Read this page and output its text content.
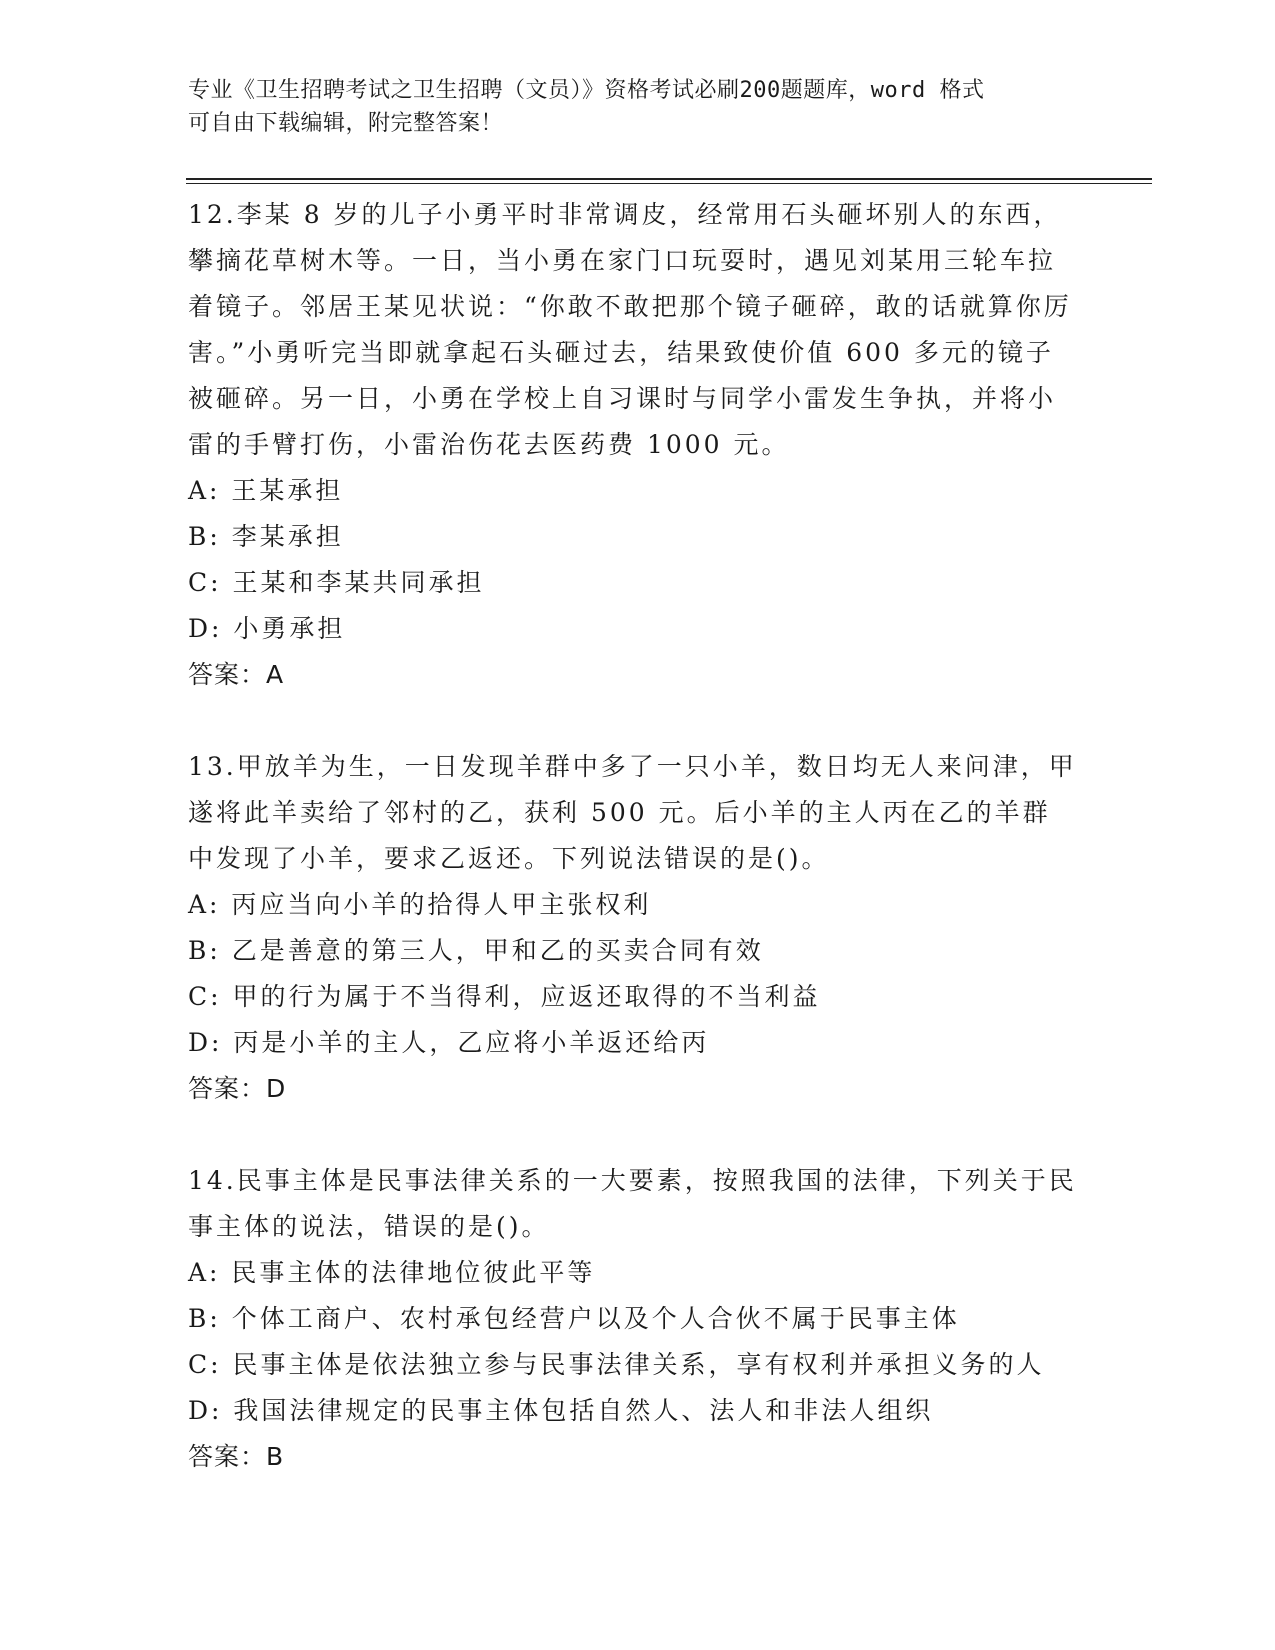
专业《卫生招聘考试之卫生招聘（文员）》资格考试必刷200题题库，word 格式
可自由下载编辑，附完整答案！

12.李某 8 岁的儿子小勇平时非常调皮，经常用石头砸坏别人的东西，攀摘花草树木等。一日，当小勇在家门口玩耍时，遇见刘某用三轮车拉着镜子。邻居王某见状说：“你敢不敢把那个镜子砸碎，敢的话就算你厉害。”小勇听完当即就拿起石头砸过去，结果致使价值 600 多元的镜子被砸碎。另一日，小勇在学校上自习课时与同学小雷发生争执，并将小雷的手臂打伤，小雷治伤花去医药费 1000 元。

A: 王某承担

B: 李某承担

C: 王某和李某共同承担

D: 小勇承担

答案：A

13.甲放羊为生，一日发现羊群中多了一只小羊，数日均无人来问津，甲遂将此羊卖给了邻村的乙，获利 500 元。后小羊的主人丙在乙的羊群中发现了小羊，要求乙返还。下列说法错误的是()。

A: 丙应当向小羊的拾得人甲主张权利

B: 乙是善意的第三人，甲和乙的买卖合同有效

C: 甲的行为属于不当得利，应返还取得的不当利益

D: 丙是小羊的主人，乙应将小羊返还给丙

答案：D

14.民事主体是民事法律关系的一大要素，按照我国的法律，下列关于民事主体的说法，错误的是()。

A: 民事主体的法律地位彼此平等

B: 个体工商户、农村承包经营户以及个人合伙不属于民事主体

C: 民事主体是依法独立参与民事法律关系，享有权利并承担义务的人

D: 我国法律规定的民事主体包括自然人、法人和非法人组织

答案：B
